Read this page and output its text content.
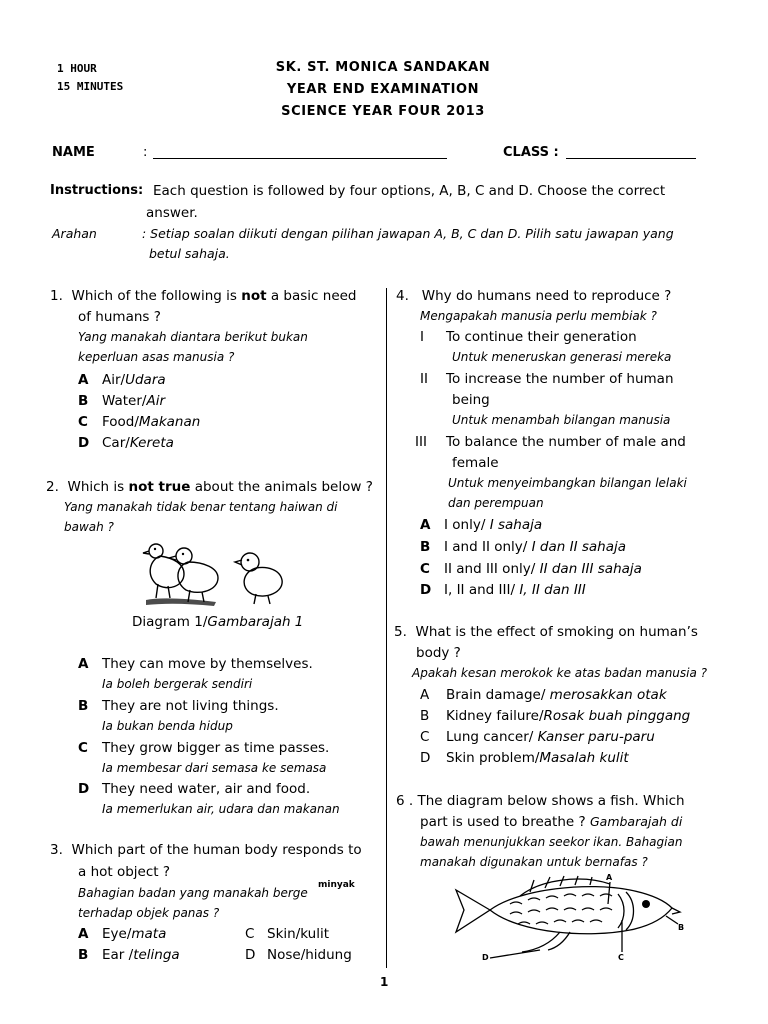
1 HOUR
15 MINUTES
SK. ST. MONICA SANDAKAN
YEAR END EXAMINATION
SCIENCE YEAR FOUR 2013
NAME	:	CLASS :
Instructions: Each question is followed by four options, A, B, C and D. Choose the correct
answer.
Arahan	: Setiap soalan diikuti dengan pilihan jawapan A, B, C dan D. Pilih satu jawapan yang
betul sahaja.
1. Which of the following is not a basic need
of humans ?
Yang manakah diantara berikut bukan
keperluan asas manusia ?
A Air/Udara
B Water/Air
C Food/Makanan
D Car/Kereta
2. Which is not true about the animals below ?
Yang manakah tidak benar tentang haiwan di
bawah ?
Diagram 1/Gambarajah 1
A They can move by themselves.
Ia boleh bergerak sendiri
B They are not living things.
Ia bukan benda hidup
C They grow bigger as time passes.
Ia membesar dari semasa ke semasa
D They need water, air and food.
Ia memerlukan air, udara dan makanan
3. Which part of the human body responds to
a hot object ?
Bahagian badan yang manakah berge
minyak
terhadap objek panas ?
A Eye/mata
B Ear /telinga
C Skin/kulit
D Nose/hidung
4. Why do humans need to reproduce ?
Mengapakah manusia perlu membiak ?
I To continue their generation
Untuk meneruskan generasi mereka
II To increase the number of human
being
Untuk menambah bilangan manusia
III To balance the number of male and
female
Untuk menyeimbangkan bilangan lelaki
dan perempuan
A I only/ I sahaja
B I and II only/ I dan II sahaja
C II and III only/ II dan III sahaja
D I, II and III/ I, II dan III
5. What is the effect of smoking on human’s
body ?
Apakah kesan merokok ke atas badan manusia ?
A Brain damage/ merosakkan otak
B Kidney failure/Rosak buah pinggang
C Lung cancer/ Kanser paru-paru
D Skin problem/Masalah kulit
6 . The diagram below shows a fish. Which
part is used to breathe ? Gambarajah di
bawah menunjukkan seekor ikan. Bahagian
manakah digunakan untuk bernafas ?
A
B
C
D
1
